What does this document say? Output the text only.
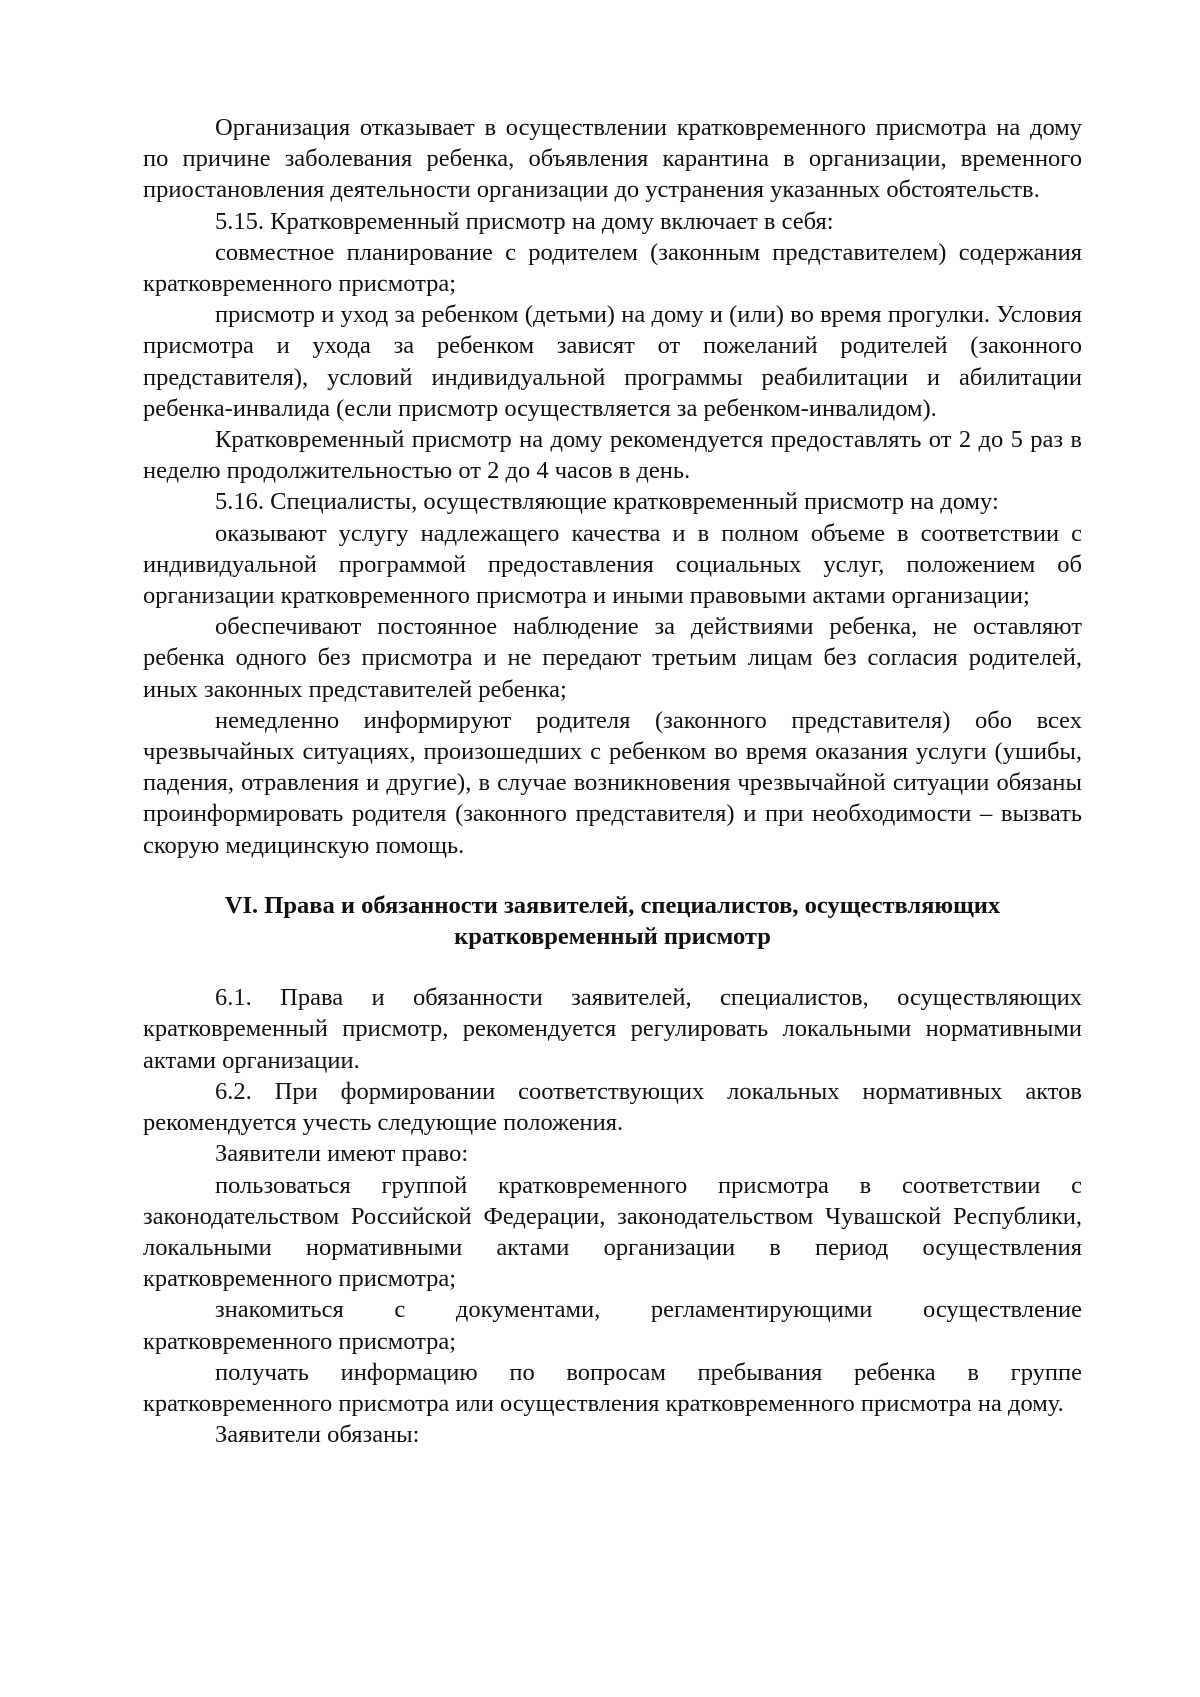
Организация отказывает в осуществлении кратковременного присмотра на дому по причине заболевания ребенка, объявления карантина в организации, временного приостановления деятельности организации до устранения указанных обстоятельств.

5.15. Кратковременный присмотр на дому включает в себя:

совместное планирование с родителем (законным представителем) содержания кратковременного присмотра;

присмотр и уход за ребенком (детьми) на дому и (или) во время прогулки. Условия присмотра и ухода за ребенком зависят от пожеланий родителей (законного представителя), условий индивидуальной программы реабилитации и абилитации ребенка-инвалида (если присмотр осуществляется за ребенком-инвалидом).

Кратковременный присмотр на дому рекомендуется предоставлять от 2 до 5 раз в неделю продолжительностью от 2 до 4 часов в день.

5.16. Специалисты, осуществляющие кратковременный присмотр на дому:

оказывают услугу надлежащего качества и в полном объеме в соответствии с индивидуальной программой предоставления социальных услуг, положением об организации кратковременного присмотра и иными правовыми актами организации;

обеспечивают постоянное наблюдение за действиями ребенка, не оставляют ребенка одного без присмотра и не передают третьим лицам без согласия родителей, иных законных представителей ребенка;

немедленно информируют родителя (законного представителя) обо всех чрезвычайных ситуациях, произошедших с ребенком во время оказания услуги (ушибы, падения, отравления и другие), в случае возникновения чрезвычайной ситуации обязаны проинформировать родителя (законного представителя) и при необходимости – вызвать скорую медицинскую помощь.

VI. Права и обязанности заявителей, специалистов, осуществляющих
кратковременный присмотр

6.1. Права и обязанности заявителей, специалистов, осуществляющих кратковременный присмотр, рекомендуется регулировать локальными нормативными актами организации.

6.2. При формировании соответствующих локальных нормативных актов рекомендуется учесть следующие положения.

Заявители имеют право:

пользоваться группой кратковременного присмотра в соответствии с законодательством Российской Федерации, законодательством Чувашской Республики, локальными нормативными актами организации в период осуществления кратковременного присмотра;

знакомиться с документами, регламентирующими осуществление кратковременного присмотра;

получать информацию по вопросам пребывания ребенка в группе кратковременного присмотра или осуществления кратковременного присмотра на дому.

Заявители обязаны:
